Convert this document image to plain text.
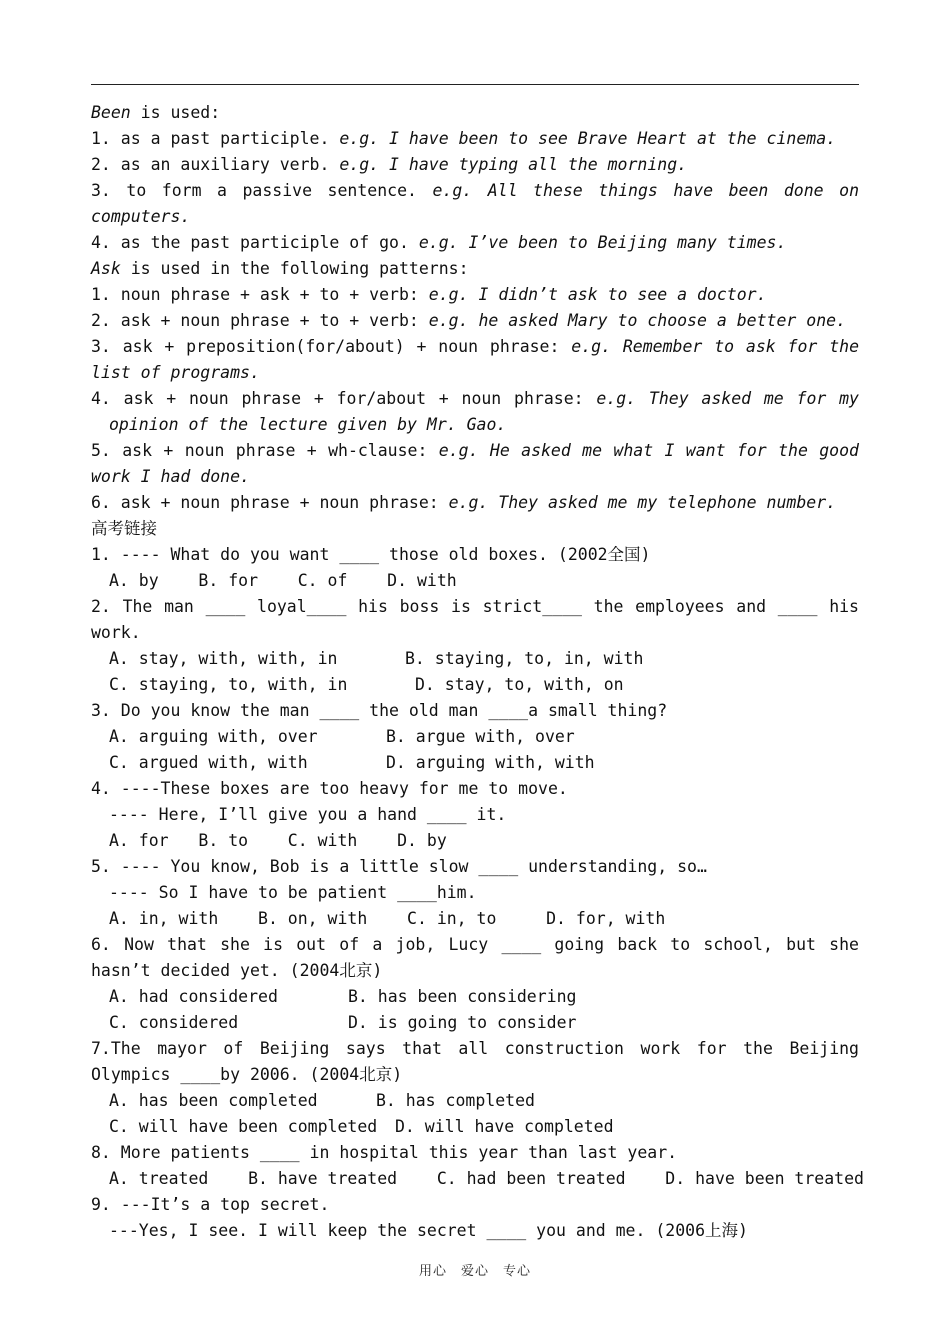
Been is used:
1. as a past participle. e.g. I have been to see Brave Heart at the cinema.
2. as an auxiliary verb. e.g. I have typing all the morning.
3. to form a passive sentence. e.g. All these things have been done on computers.
4. as the past participle of go. e.g. I’ve been to Beijing many times.
Ask is used in the following patterns:
1. noun phrase + ask + to + verb: e.g. I didn’t ask to see a doctor.
2. ask + noun phrase + to + verb: e.g. he asked Mary to choose a better one.
3. ask + preposition(for/about) + noun phrase: e.g. Remember to ask for the list of programs.
4. ask + noun phrase + for/about + noun phrase: e.g. They asked me for my opinion of the lecture given by Mr. Gao.
5. ask + noun phrase + wh-clause: e.g. He asked me what I want for the good work I had done.
6. ask + noun phrase + noun phrase: e.g. They asked me my telephone number.
高考链接
1. ---- What do you want ____ those old boxes. (2002全国)
A. by    B. for    C. of    D. with
2. The man ____ loyal____ his boss is strict____ the employees and ____ his work.
A. stay, with, with, in	B. staying, to, in, with
C. staying, to, with, in	D. stay, to, with, on
3. Do you know the man ____ the old man ____a small thing?
A. arguing with, over	B. argue with, over
C. argued with, with	D. arguing with, with
4. ----These boxes are too heavy for me to move.
---- Here, I’ll give you a hand ____ it.
A. for   B. to    C. with    D. by
5. ---- You know, Bob is a little slow ____ understanding, so…
---- So I have to be patient ____him.
A. in, with    B. on, with    C. in, to     D. for, with
6. Now that she is out of a job, Lucy ____ going back to school, but she hasn’t decided yet. (2004北京)
A. had considered	B. has been considering
C. considered	D. is going to consider
7.The mayor of Beijing says that all construction work for the Beijing Olympics ____by 2006. (2004北京)
A. has been completed	B. has completed
C. will have been completed D. will have completed
8. More patients ____ in hospital this year than last year.
A. treated    B. have treated    C. had been treated    D. have been treated
9. ---It’s a top secret.
---Yes, I see. I will keep the secret ____ you and me. (2006上海)
用心 爱心 专心
